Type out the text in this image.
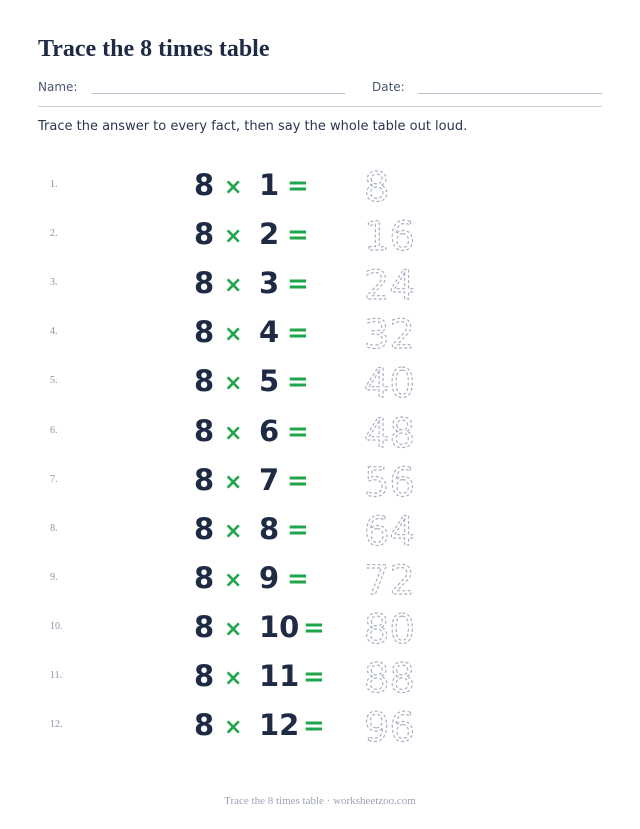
Trace the 8 times table
Name:	Date:
Trace the answer to every fact, then say the whole table out loud.
1.	8 × 1 = 8
2.	8 × 2 = 16
3.	8 × 3 = 24
4.	8 × 4 = 32
5.	8 × 5 = 40
6.	8 × 6 = 48
7.	8 × 7 = 56
8.	8 × 8 = 64
9.	8 × 9 = 72
10.	8 × 10 = 80
11.	8 × 11 = 88
12.	8 × 12 = 96
Trace the 8 times table · worksheetzoo.com
